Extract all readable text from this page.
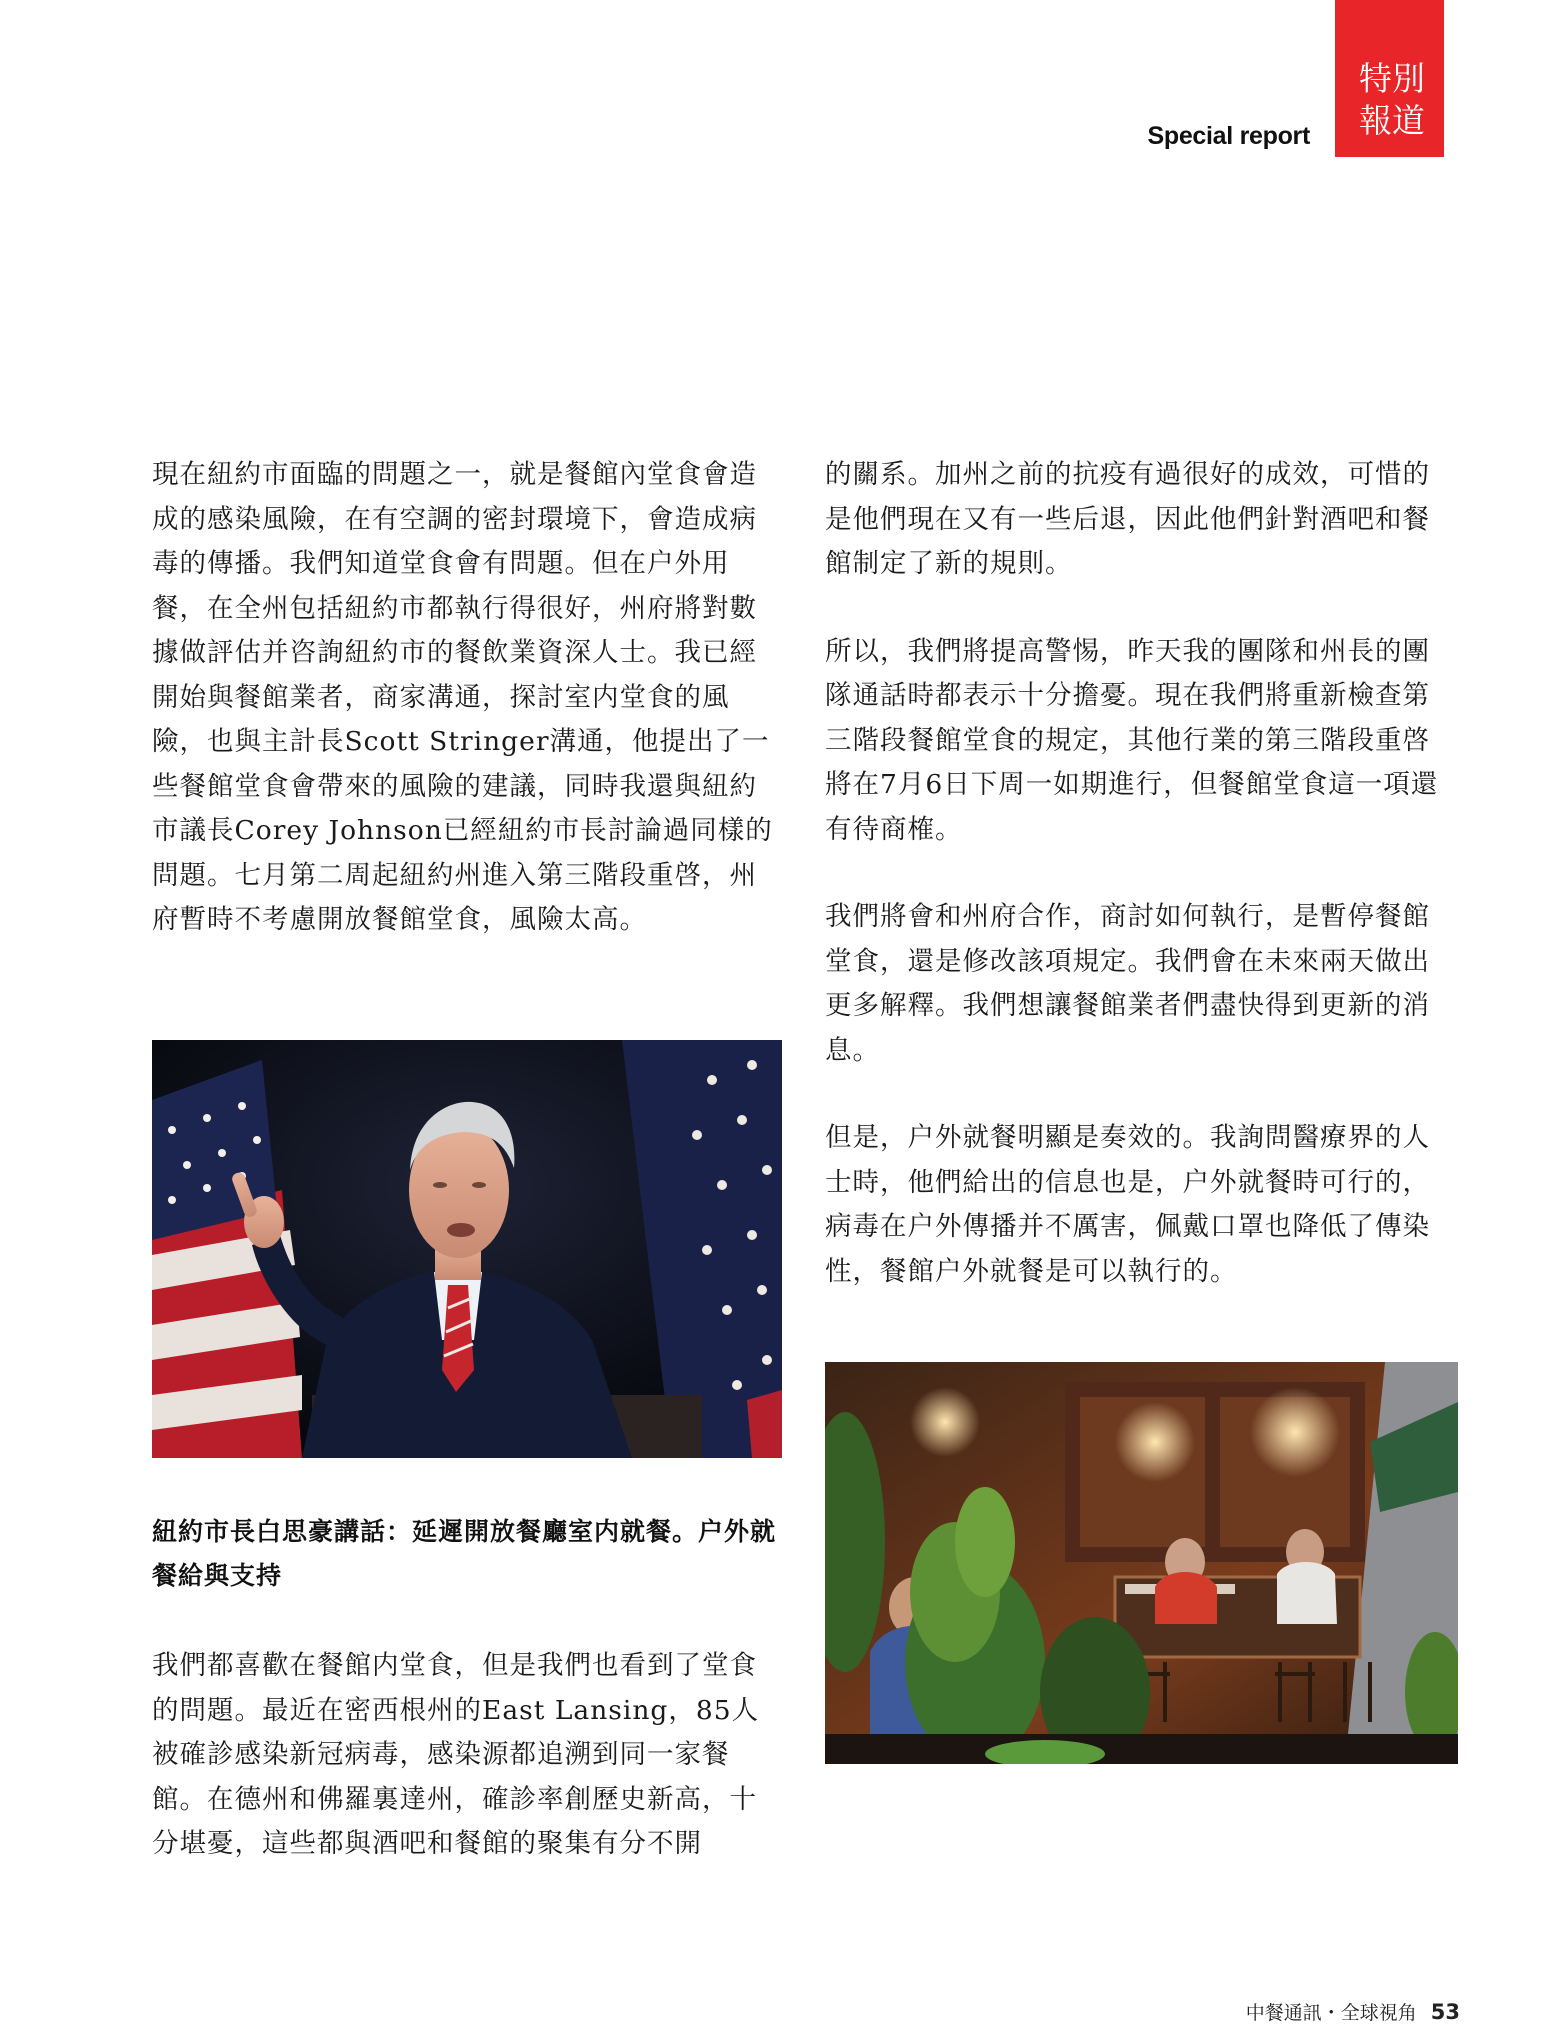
Special report
特別
報道

現在紐約市面臨的問題之一，就是餐館內堂食會造成的感染風險，在有空調的密封環境下，會造成病毒的傳播。我們知道堂食會有問題。但在户外用餐，在全州包括紐約市都執行得很好，州府將對數據做評估并咨詢紐約市的餐飲業資深人士。我已經開始與餐館業者，商家溝通，探討室内堂食的風險，也與主計長Scott Stringer溝通，他提出了一些餐館堂食會帶來的風險的建議，同時我還與紐約市議長Corey Johnson已經紐約市長討論過同樣的問題。七月第二周起紐約州進入第三階段重啓，州府暫時不考慮開放餐館堂食，風險太高。

紐約市長白思豪講話：延遲開放餐廳室内就餐。户外就餐給與支持

我們都喜歡在餐館内堂食，但是我們也看到了堂食的問題。最近在密西根州的East Lansing，85人被確診感染新冠病毒，感染源都追溯到同一家餐館。在德州和佛羅裏達州，確診率創歷史新高，十分堪憂，這些都與酒吧和餐館的聚集有分不開

的關系。加州之前的抗疫有過很好的成效，可惜的是他們現在又有一些后退，因此他們針對酒吧和餐館制定了新的規則。

所以，我們將提高警惕，昨天我的團隊和州長的團隊通話時都表示十分擔憂。現在我們將重新檢查第三階段餐館堂食的規定，其他行業的第三階段重啓將在7月6日下周一如期進行，但餐館堂食這一項還有待商榷。

我們將會和州府合作，商討如何執行，是暫停餐館堂食，還是修改該項規定。我們會在未來兩天做出更多解釋。我們想讓餐館業者們盡快得到更新的消息。

但是，户外就餐明顯是奏效的。我詢問醫療界的人士時，他們給出的信息也是，户外就餐時可行的，病毒在户外傳播并不厲害，佩戴口罩也降低了傳染性，餐館户外就餐是可以執行的。

中餐通訊・全球視角 53
